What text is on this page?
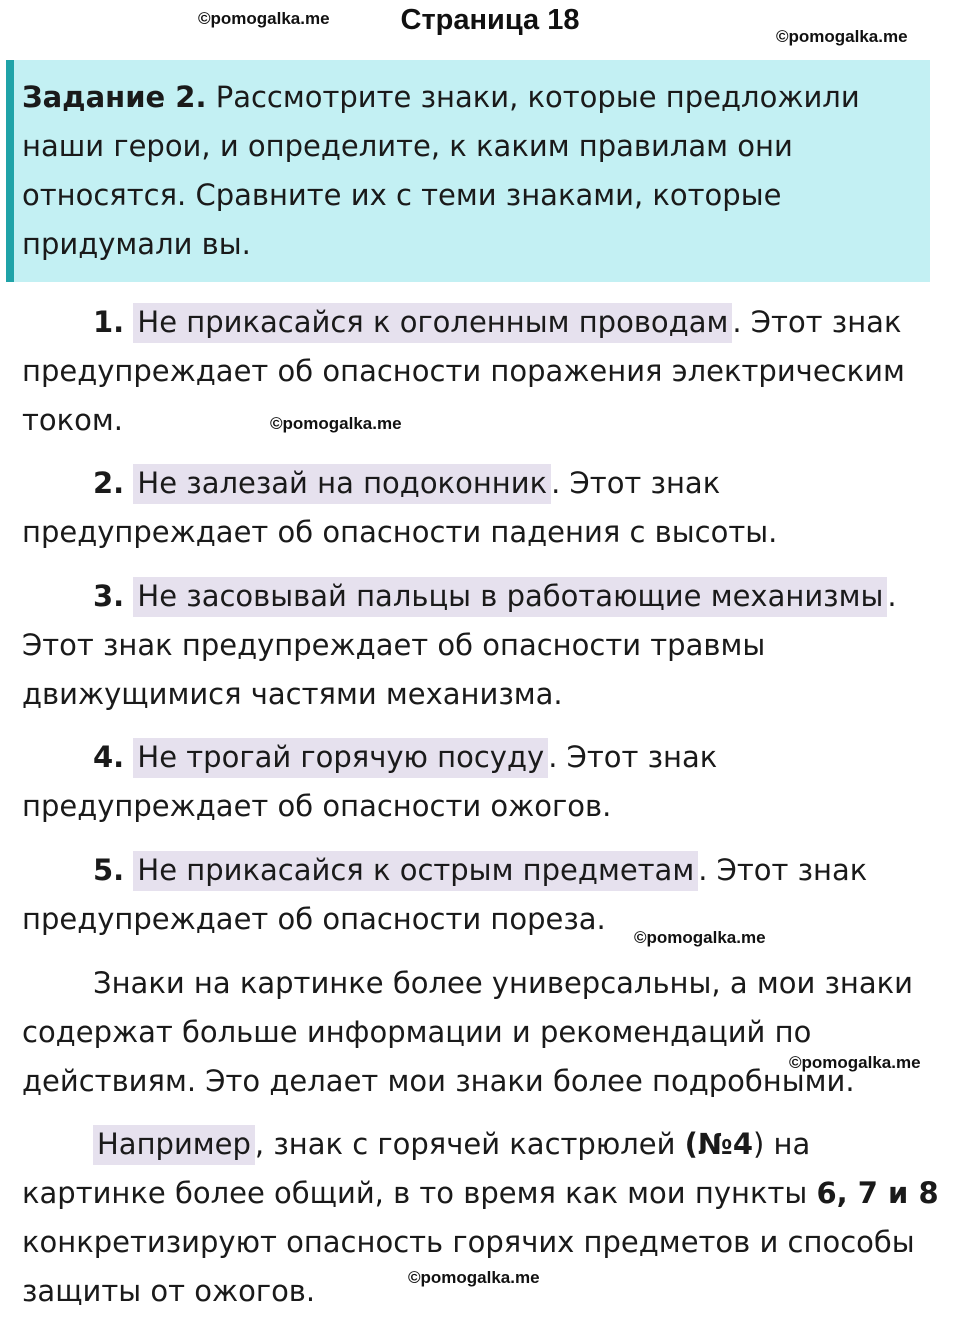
©pomogalka.me
©pomogalka.me
©pomogalka.me
©pomogalka.me
©pomogalka.me
©pomogalka.me
Страница 18
Задание 2. Рассмотрите знаки, которые предложили наши герои, и определите, к каким правилам они относятся. Сравните их с теми знаками, которые придумали вы.

1. Не прикасайся к оголенным проводам . Этот знак предупреждает об опасности поражения электрическим током.

2. Не залезай на подоконник . Этот знак предупреждает об опасности падения с высоты.

3. Не засовывай пальцы в работающие механизмы . Этот знак предупреждает об опасности травмы движущимися частями механизма.

4. Не трогай горячую посуду . Этот знак предупреждает об опасности ожогов.

5. Не прикасайся к острым предметам . Этот знак предупреждает об опасности пореза.

Знаки на картинке более универсальны, а мои знаки содержат больше информации и рекомендаций по действиям. Это делает мои знаки более подробными.

Например , знак с горячей кастрюлей (№4) на картинке более общий, в то время как мои пункты 6, 7 и 8 конкретизируют опасность горячих предметов и способы защиты от ожогов.
